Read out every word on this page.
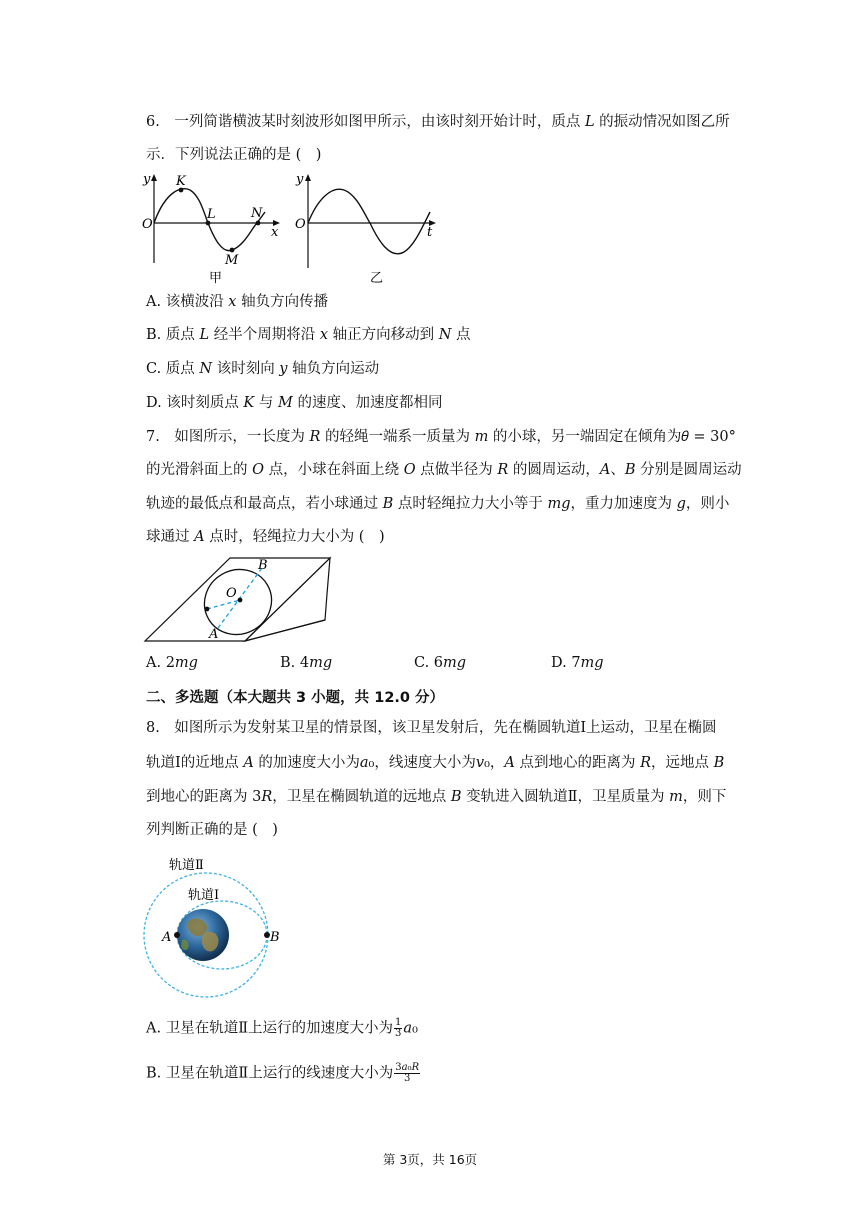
6.　一列简谐横波某时刻波形如图甲所示，由该时刻开始计时，质点 𝐿 的振动情况如图乙所
示．下列说法正确的是 (　)
y
O
x
K
L
M
N
甲
y
O
t
乙
A. 该横波沿 𝑥 轴负方向传播
B. 质点 𝐿 经半个周期将沿 𝑥 轴正方向移动到 𝑁 点
C. 质点 𝑁 该时刻向 𝑦 轴负方向运动
D. 该时刻质点 𝐾 与 𝑀 的速度、加速度都相同
7.　如图所示，一长度为 𝑅 的轻绳一端系一质量为 𝑚 的小球，另一端固定在倾角为𝜃 = 30°
的光滑斜面上的 𝑂 点，小球在斜面上绕 𝑂 点做半径为 𝑅 的圆周运动，𝐴、𝐵 分别是圆周运动
轨迹的最低点和最高点，若小球通过 𝐵 点时轻绳拉力大小等于 𝑚𝑔，重力加速度为 𝑔，则小
球通过 𝐴 点时，轻绳拉力大小为 (　)
B
O
A
A. 2𝑚𝑔	B. 4𝑚𝑔	C. 6𝑚𝑔	D. 7𝑚𝑔
二、多选题（本大题共 3 小题，共 12.0 分）
8.　如图所示为发射某卫星的情景图，该卫星发射后，先在椭圆轨道Ⅰ上运动，卫星在椭圆
轨道Ⅰ的近地点 𝐴 的加速度大小为𝑎₀，线速度大小为𝑣₀，𝐴 点到地心的距离为 𝑅，远地点 𝐵
到地心的距离为 3𝑅，卫星在椭圆轨道的远地点 𝐵 变轨进入圆轨道Ⅱ，卫星质量为 𝑚，则下
列判断正确的是 (　)
轨道Ⅱ
轨道Ⅰ
A	B
A. 卫星在轨道Ⅱ上运行的加速度大小为 $\frac{1}{3}$ 𝑎₀
B. 卫星在轨道Ⅱ上运行的线速度大小为 $\frac{\text{3𝑎₀𝑅}}{3}$
第 3页，共 16页
